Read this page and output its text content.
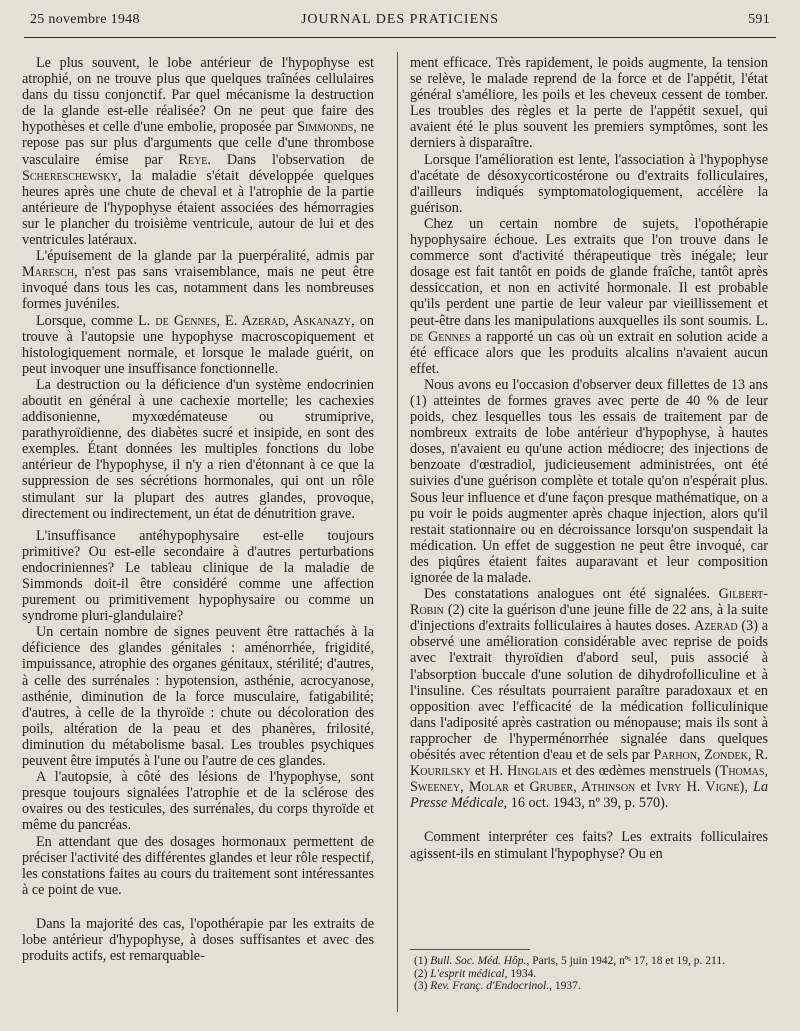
25 novembre 1948	JOURNAL DES PRATICIENS	591

Le plus souvent, le lobe antérieur de l'hypophyse est atrophié, on ne trouve plus que quelques traînées cellulaires dans du tissu conjonctif. Par quel mécanisme la destruction de la glande est-elle réalisée? On ne peut que faire des hypothèses et celle d'une embolie, proposée par Simmonds, ne repose pas sur plus d'arguments que celle d'une thrombose vasculaire émise par Reye. Dans l'observation de Schereschewsky, la maladie s'était développée quelques heures après une chute de cheval et à l'atrophie de la partie antérieure de l'hypophyse étaient associées des hémorragies sur le plancher du troisième ventricule, autour de lui et des ventricules latéraux.

L'épuisement de la glande par la puerpéralité, admis par Maresch, n'est pas sans vraisemblance, mais ne peut être invoqué dans tous les cas, notamment dans les nombreuses formes juvéniles.

Lorsque, comme L. de Gennes, E. Azerad, Askanazy, on trouve à l'autopsie une hypophyse macroscopiquement et histologiquement normale, et lorsque le malade guérit, on peut invoquer une insuffisance fonctionnelle.

La destruction ou la déficience d'un système endocrinien aboutit en général à une cachexie mortelle; les cachexies addisonienne, myxœdémateuse ou strumiprive, parathyroïdienne, des diabètes sucré et insipide, en sont des exemples. Étant données les multiples fonctions du lobe antérieur de l'hypophyse, il n'y a rien d'étonnant à ce que la suppression de ses sécrétions hormonales, qui ont un rôle stimulant sur la plupart des autres glandes, provoque, directement ou indirectement, un état de dénutrition grave.

L'insuffisance antéhypophysaire est-elle toujours primitive? Ou est-elle secondaire à d'autres perturbations endocriniennes? Le tableau clinique de la maladie de Simmonds doit-il être considéré comme une affection purement ou primitivement hypophysaire ou comme un syndrome pluri-glandulaire?

Un certain nombre de signes peuvent être rattachés à la déficience des glandes génitales : aménorrhée, frigidité, impuissance, atrophie des organes génitaux, stérilité; d'autres, à celle des surrénales : hypotension, asthénie, acrocyanose, asthénie, diminution de la force musculaire, fatigabilité; d'autres, à celle de la thyroïde : chute ou décoloration des poils, altération de la peau et des phanères, frilosité, diminution du métabolisme basal. Les troubles psychiques peuvent être imputés à l'une ou l'autre de ces glandes.

A l'autopsie, à côté des lésions de l'hypophyse, sont presque toujours signalées l'atrophie et de la sclérose des ovaires ou des testicules, des surrénales, du corps thyroïde et même du pancréas.

En attendant que des dosages hormonaux permettent de préciser l'activité des différentes glandes et leur rôle respectif, les constations faites au cours du traitement sont intéressantes à ce point de vue.

Dans la majorité des cas, l'opothérapie par les extraits de lobe antérieur d'hypophyse, à doses suffisantes et avec des produits actifs, est remarquable-

ment efficace. Très rapidement, le poids augmente, la tension se relève, le malade reprend de la force et de l'appétit, l'état général s'améliore, les poils et les cheveux cessent de tomber. Les troubles des règles et la perte de l'appétit sexuel, qui avaient été le plus souvent les premiers symptômes, sont les derniers à disparaître.

Lorsque l'amélioration est lente, l'association à l'hypophyse d'acétate de désoxycorticostérone ou d'extraits folliculaires, d'ailleurs indiqués symptomatologiquement, accélère la guérison.

Chez un certain nombre de sujets, l'opothérapie hypophysaire échoue. Les extraits que l'on trouve dans le commerce sont d'activité thérapeutique très inégale; leur dosage est fait tantôt en poids de glande fraîche, tantôt après dessiccation, et non en activité hormonale. Il est probable qu'ils perdent une partie de leur valeur par vieillissement et peut-être dans les manipulations auxquelles ils sont soumis. L. de Gennes a rapporté un cas où un extrait en solution acide a été efficace alors que les produits alcalins n'avaient aucun effet.

Nous avons eu l'occasion d'observer deux fillettes de 13 ans (1) atteintes de formes graves avec perte de 40 % de leur poids, chez lesquelles tous les essais de traitement par de nombreux extraits de lobe antérieur d'hypophyse, à hautes doses, n'avaient eu qu'une action médiocre; des injections de benzoate d'œstradiol, judicieusement administrées, ont été suivies d'une guérison complète et totale qu'on n'espérait plus. Sous leur influence et d'une façon presque mathématique, on a pu voir le poids augmenter après chaque injection, alors qu'il restait stationnaire ou en décroissance lorsqu'on suspendait la médication. Un effet de suggestion ne peut être invoqué, car des piqûres étaient faites auparavant et leur composition ignorée de la malade.

Des constatations analogues ont été signalées. Gilbert-Robin (2) cite la guérison d'une jeune fille de 22 ans, à la suite d'injections d'extraits folliculaires à hautes doses. Azerad (3) a observé une amélioration considérable avec reprise de poids avec l'extrait thyroïdien d'abord seul, puis associé à l'absorption buccale d'une solution de dihydrofolliculine et à l'insuline. Ces résultats pourraient paraître paradoxaux et en opposition avec l'efficacité de la médication folliculinique dans l'adiposité après castration ou ménopause; mais ils sont à rapprocher de l'hyperménorrhée signalée dans quelques obésités avec rétention d'eau et de sels par Parhon, Zondek, R. Kourilsky et H. Hinglais et des œdèmes menstruels (Thomas, Sweeney, Molar et Gruber, Athinson et Ivry H. Vigne), La Presse Médicale, 16 oct. 1943, nº 39, p. 570).

Comment interpréter ces faits? Les extraits folliculaires agissent-ils en stimulant l'hypophyse? Ou en

(1) Bull. Soc. Méd. Hôp., Paris, 5 juin 1942, nºˢ 17, 18 et 19, p. 211.

(2) L'esprit médical, 1934.

(3) Rev. Franç. d'Endocrinol., 1937.
